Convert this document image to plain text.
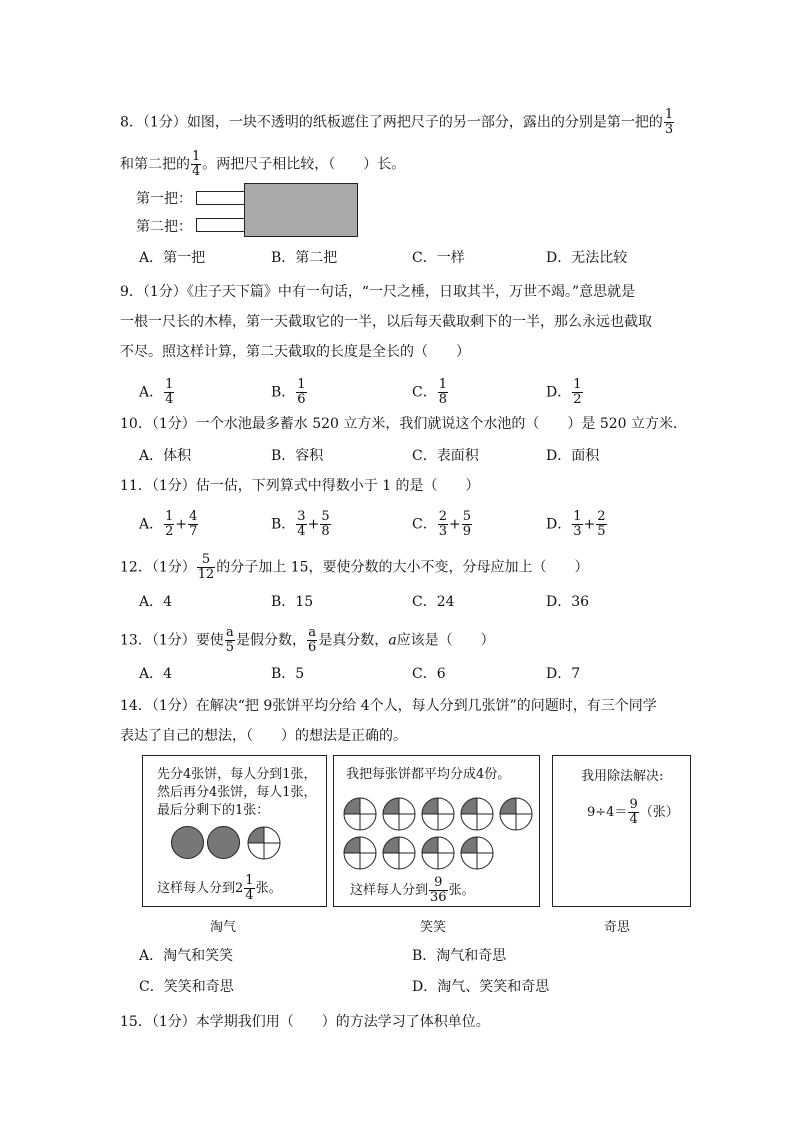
8．（1分）如图，一块不透明的纸板遮住了两把尺子的另一部分，露出的分别是第一把的 $\frac{1}{3}$
和第二把的 $\frac{1}{4}$ 。两把尺子相比较，（　　）长。
第一把：
第二把：
A．第一把	B．第二把	C．一样	D．无法比较
9．（1分）《庄子天下篇》中有一句话，“一尺之棰，日取其半，万世不竭。”意思就是
一根一尺长的木棒，第一天截取它的一半，以后每天截取剩下的一半，那么永远也截取
不尽。照这样计算，第二天截取的长度是全长的（　　）
A． $\frac{1}{4}$	B． $\frac{1}{6}$	C． $\frac{1}{8}$	D． $\frac{1}{2}$
10．（1分）一个水池最多蓄水 520 立方米，我们就说这个水池的（　　）是 520 立方米．
A．体积	B．容积	C．表面积	D．面积
11．（1分）估一估，下列算式中得数小于 1 的是（　　）
A． $\frac{1}{2} + \frac{4}{7}$	B． $\frac{3}{4} + \frac{5}{8}$	C． $\frac{2}{3} + \frac{5}{9}$	D． $\frac{1}{3} + \frac{2}{5}$
12．（1分） $\frac{5}{12}$ 的分子加上 15，要使分数的大小不变，分母应加上（　　）
A．4	B．15	C．24	D．36
13．（1分）要使 $\frac{a}{5}$ 是假分数， $\frac{a}{6}$ 是真分数，a应该是（　　）
A．4	B．5	C．6	D．7
14．（1分）在解决“把 9张饼平均分给 4个人，每人分到几张饼”的问题时，有三个同学
表达了自己的想法，（　　）的想法是正确的。
先分4张饼，每人分到1张，
然后再分4张饼，每人1张，
最后分剩下的1张：
这样每人分到$2 \frac{1}{4}$ 张。
淘气
我把每张饼都平均分成4份。
这样每人分到 $\frac{9}{36}$ 张。
笑笑
我用除法解决:
$9\div 4= \frac{9}{4}$ （张）
奇思
A．淘气和笑笑	B．淘气和奇思
C．笑笑和奇思	D．淘气、笑笑和奇思
15．（1分）本学期我们用（　　）的方法学习了体积单位。
